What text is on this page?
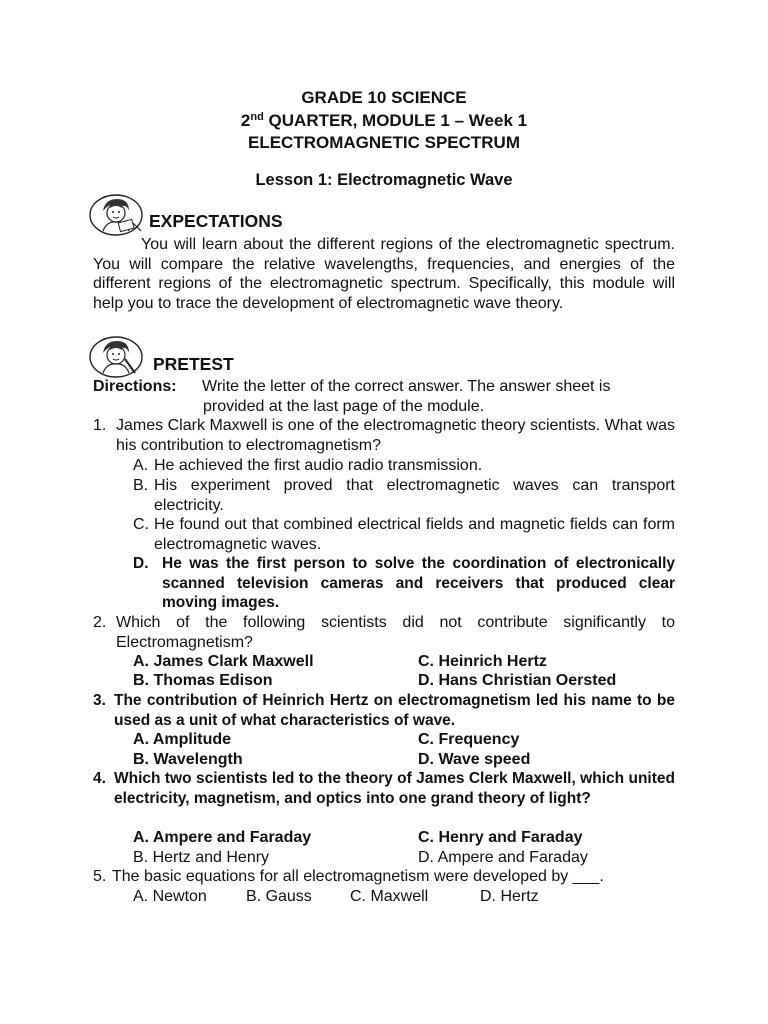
GRADE 10 SCIENCE
2nd QUARTER, MODULE 1 – Week 1
ELECTROMAGNETIC SPECTRUM
Lesson 1: Electromagnetic Wave
EXPECTATIONS

You will learn about the different regions of the electromagnetic spectrum. You will compare the relative wavelengths, frequencies, and energies of the different regions of the electromagnetic spectrum. Specifically, this module will help you to trace the development of electromagnetic wave theory.

PRETEST
Directions: Write the letter of the correct answer. The answer sheet is
provided at the last page of the module.
1. James Clark Maxwell is one of the electromagnetic theory scientists. What was his contribution to electromagnetism?
A. He achieved the first audio radio transmission.
B. His experiment proved that electromagnetic waves can transport electricity.
C. He found out that combined electrical fields and magnetic fields can form electromagnetic waves.
D. He was the first person to solve the coordination of electronically scanned television cameras and receivers that produced clear moving images.
2. Which of the following scientists did not contribute significantly to Electromagnetism?
A. James Clark Maxwell	C. Heinrich Hertz
B. Thomas Edison	D. Hans Christian Oersted
3. The contribution of Heinrich Hertz on electromagnetism led his name to be used as a unit of what characteristics of wave.
A. Amplitude	C. Frequency
B. Wavelength	D. Wave speed
4. Which two scientists led to the theory of James Clerk Maxwell, which united electricity, magnetism, and optics into one grand theory of light?
A. Ampere and Faraday	C. Henry and Faraday
B. Hertz and Henry	D. Ampere and Faraday
5. The basic equations for all electromagnetism were developed by ___.
A. Newton B. Gauss C. Maxwell	D. Hertz
